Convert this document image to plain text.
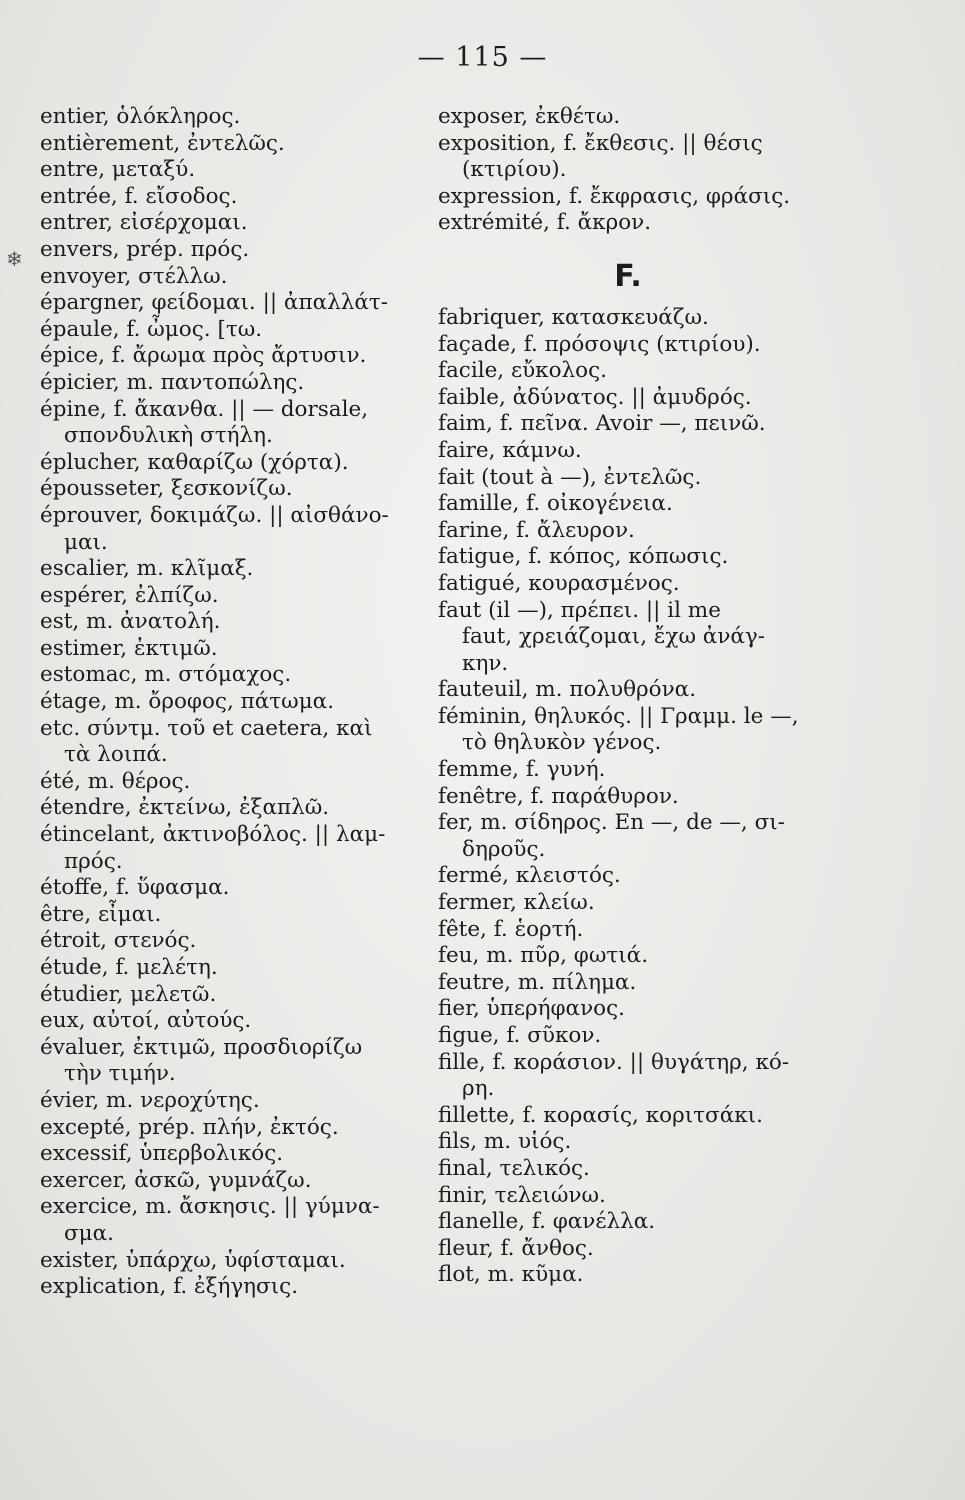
— 115 —
❄
entier, ὁλόκληρος.
entièrement, ἐντελῶς.
entre, μεταξύ.
entrée, f. εἴσοδος.
entrer, εἰσέρχομαι.
envers, prép. πρός.
envoyer, στέλλω.
épargner, φείδομαι. || ἀπαλλάτ-
épaule, f. ὦμος. [τω.
épice, f. ἄρωμα πρὸς ἄρτυσιν.
épicier, m. παντοπώλης.
épine, f. ἄκανθα. || — dorsale,
σπονδυλικὴ στήλη.
éplucher, καθαρίζω (χόρτα).
épousseter, ξεσκονίζω.
éprouver, δοκιμάζω. || αἰσθάνο-
μαι.
escalier, m. κλῖμαξ.
espérer, ἐλπίζω.
est, m. ἀνατολή.
estimer, ἐκτιμῶ.
estomac, m. στόμαχος.
étage, m. ὄροφος, πάτωμα.
etc. σύντμ. τοῦ et caetera, καὶ
τὰ λοιπά.
été, m. θέρος.
étendre, ἐκτείνω, ἐξαπλῶ.
étincelant, ἀκτινοβόλος. || λαμ-
πρός.
étoffe, f. ὕφασμα.
être, εἶμαι.
étroit, στενός.
étude, f. μελέτη.
étudier, μελετῶ.
eux, αὐτοί, αὐτούς.
évaluer, ἐκτιμῶ, προσδιορίζω
τὴν τιμήν.
évier, m. νεροχύτης.
excepté, prép. πλήν, ἐκτός.
excessif, ὑπερβολικός.
exercer, ἀσκῶ, γυμνάζω.
exercice, m. ἄσκησις. || γύμνα-
σμα.
exister, ὑπάρχω, ὑφίσταμαι.
explication, f. ἐξήγησις.
exposer, ἐκθέτω.
exposition, f. ἔκθεσις. || θέσις
(κτιρίου).
expression, f. ἔκφρασις, φράσις.
extrémité, f. ἄκρον.
F.
fabriquer, κατασκευάζω.
façade, f. πρόσοψις (κτιρίου).
facile, εὔκολος.
faible, ἀδύνατος. || ἀμυδρός.
faim, f. πεῖνα. Avoir —, πεινῶ.
faire, κάμνω.
fait (tout à —), ἐντελῶς.
famille, f. οἰκογένεια.
farine, f. ἄλευρον.
fatigue, f. κόπος, κόπωσις.
fatigué, κουρασμένος.
faut (il —), πρέπει. || il me
faut, χρειάζομαι, ἔχω ἀνάγ-
κην.
fauteuil, m. πολυθρόνα.
féminin, θηλυκός. || Γραμμ. le —,
τὸ θηλυκὸν γένος.
femme, f. γυνή.
fenêtre, f. παράθυρον.
fer, m. σίδηρος. En —, de —, σι-
δηροῦς.
fermé, κλειστός.
fermer, κλείω.
fête, f. ἑορτή.
feu, m. πῦρ, φωτιά.
feutre, m. πίλημα.
fier, ὑπερήφανος.
figue, f. σῦκον.
fille, f. κοράσιον. || θυγάτηρ, κό-
ρη.
fillette, f. κορασίς, κοριτσάκι.
fils, m. υἱός.
final, τελικός.
finir, τελειώνω.
flanelle, f. φανέλλα.
fleur, f. ἄνθος.
flot, m. κῦμα.
